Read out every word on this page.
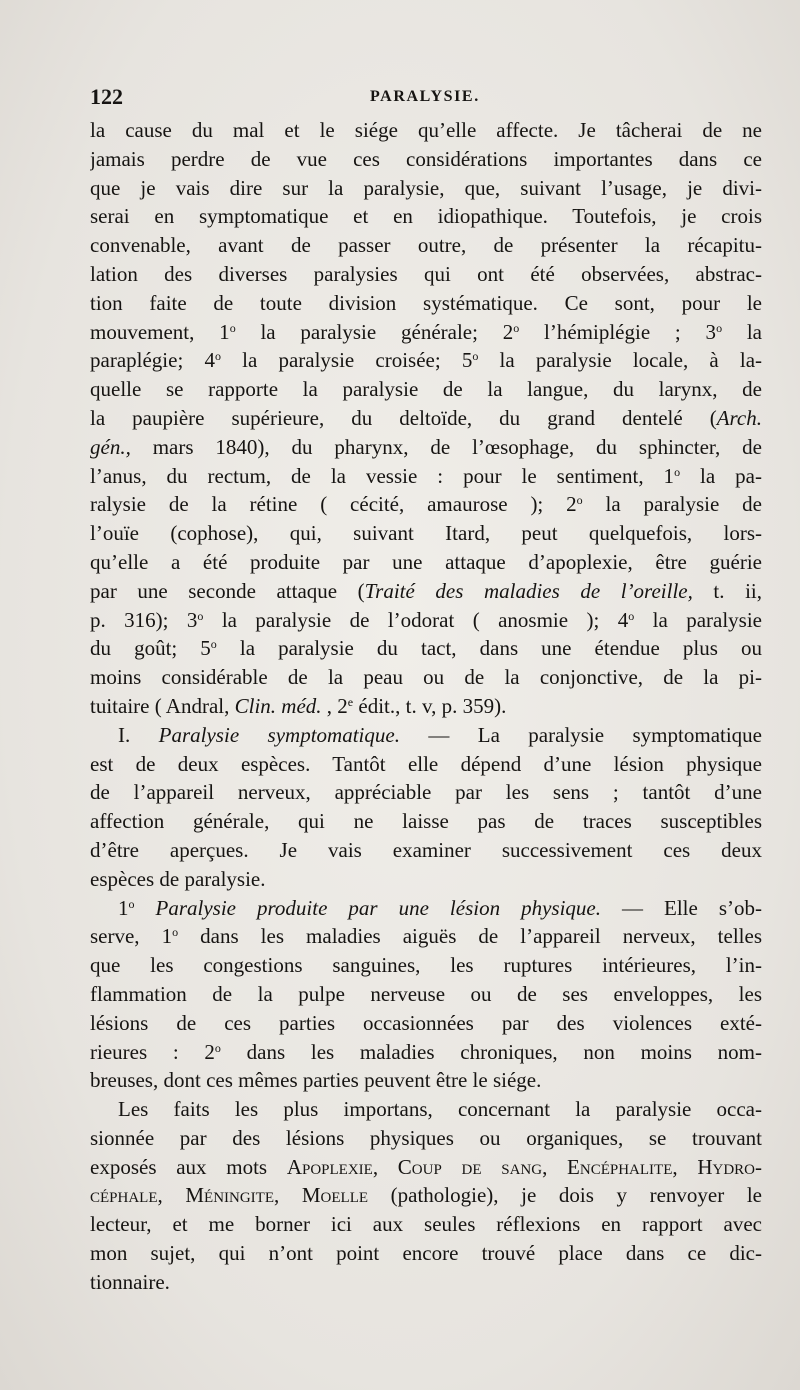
122	PARALYSIE.
la cause du mal et le siége qu’elle affecte. Je tâcherai de ne
jamais perdre de vue ces considérations importantes dans ce
que je vais dire sur la paralysie, que, suivant l’usage, je divi-
serai en symptomatique et en idiopathique. Toutefois, je crois
convenable, avant de passer outre, de présenter la récapitu-
lation des diverses paralysies qui ont été observées, abstrac-
tion faite de toute division systématique. Ce sont, pour le
mouvement, 1$^o$ la paralysie générale; 2$^o$ l’hémiplégie ; 3$^o$ la
paraplégie; 4$^o$ la paralysie croisée; 5$^o$ la paralysie locale, à la-
quelle se rapporte la paralysie de la langue, du larynx, de
la paupière supérieure, du deltoïde, du grand dentelé (Arch.
gén., mars 1840), du pharynx, de l’œsophage, du sphincter, de
l’anus, du rectum, de la vessie : pour le sentiment, 1$^o$ la pa-
ralysie de la rétine ( cécité, amaurose ); 2$^o$ la paralysie de
l’ouïe (cophose), qui, suivant Itard, peut quelquefois, lors-
qu’elle a été produite par une attaque d’apoplexie, être guérie
par une seconde attaque (Traité des maladies de l’oreille, t. ii,
p. 316); 3$^o$ la paralysie de l’odorat ( anosmie ); 4$^o$ la paralysie
du goût; 5$^o$ la paralysie du tact, dans une étendue plus ou
moins considérable de la peau ou de la conjonctive, de la pi-
tuitaire ( Andral, Clin. méd. , 2e édit., t. v, p. 359).
I. Paralysie symptomatique. — La paralysie symptomatique
est de deux espèces. Tantôt elle dépend d’une lésion physique
de l’appareil nerveux, appréciable par les sens ; tantôt d’une
affection générale, qui ne laisse pas de traces susceptibles
d’être aperçues. Je vais examiner successivement ces deux
espèces de paralysie.
1$^o$ Paralysie produite par une lésion physique. — Elle s’ob-
serve, 1$^o$ dans les maladies aiguës de l’appareil nerveux, telles
que les congestions sanguines, les ruptures intérieures, l’in-
flammation de la pulpe nerveuse ou de ses enveloppes, les
lésions de ces parties occasionnées par des violences exté-
rieures : 2$^o$ dans les maladies chroniques, non moins nom-
breuses, dont ces mêmes parties peuvent être le siége.
Les faits les plus importans, concernant la paralysie occa-
sionnée par des lésions physiques ou organiques, se trouvant
exposés aux mots Apoplexie, Coup de sang, Encéphalite, Hydro-
céphale, Méningite, Moelle (pathologie), je dois y renvoyer le
lecteur, et me borner ici aux seules réflexions en rapport avec
mon sujet, qui n’ont point encore trouvé place dans ce dic-
tionnaire.
